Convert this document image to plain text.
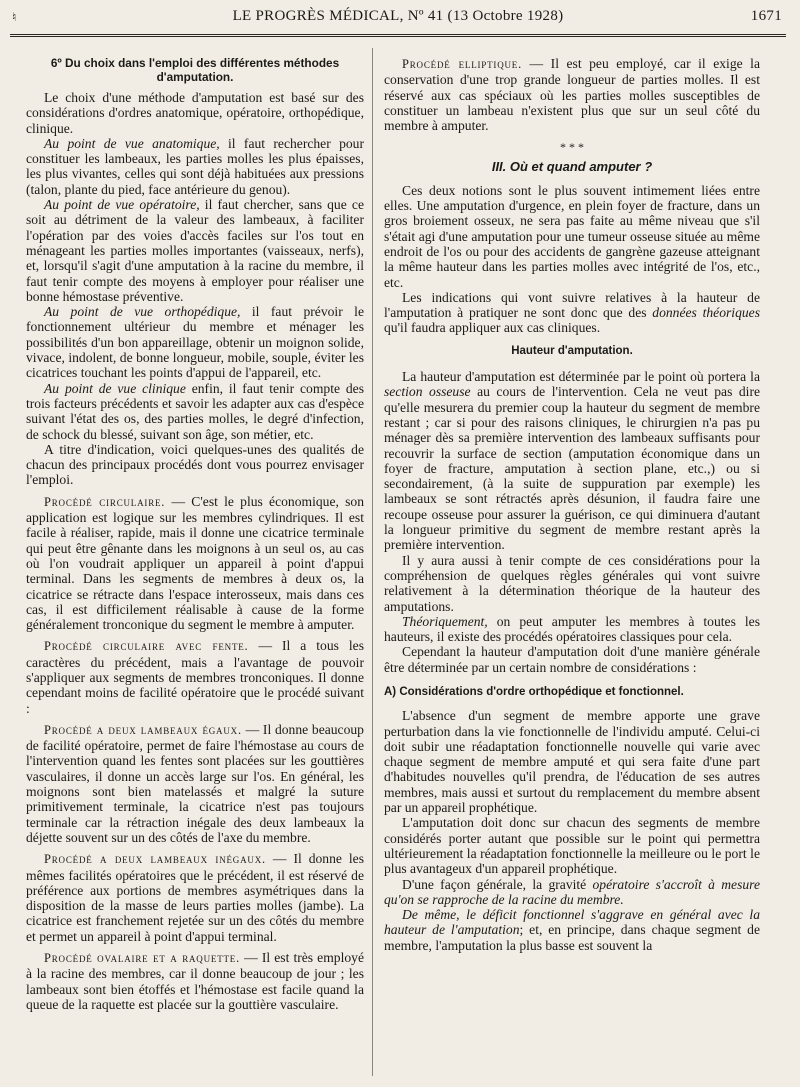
♮	LE PROGRÈS MÉDICAL, Nº 41 (13 Octobre 1928)	1671
6º Du choix dans l'emploi des différentes méthodes d'amputation.

Le choix d'une méthode d'amputation est basé sur des considérations d'ordres anatomique, opératoire, orthopédique, clinique.

Au point de vue anatomique, il faut rechercher pour constituer les lambeaux, les parties molles les plus épaisses, les plus vivantes, celles qui sont déjà habituées aux pressions (talon, plante du pied, face antérieure du genou).

Au point de vue opératoire, il faut chercher, sans que ce soit au détriment de la valeur des lambeaux, à faciliter l'opération par des voies d'accès faciles sur l'os tout en ménageant les parties molles importantes (vaisseaux, nerfs), et, lorsqu'il s'agit d'une amputation à la racine du membre, il faut tenir compte des moyens à employer pour réaliser une bonne hémostase préventive.

Au point de vue orthopédique, il faut prévoir le fonctionnement ultérieur du membre et ménager les possibilités d'un bon appareillage, obtenir un moignon solide, vivace, indolent, de bonne longueur, mobile, souple, éviter les cicatrices touchant les points d'appui de l'appareil, etc.

Au point de vue clinique enfin, il faut tenir compte des trois facteurs précédents et savoir les adapter aux cas d'espèce suivant l'état des os, des parties molles, le degré d'infection, de schock du blessé, suivant son âge, son métier, etc.

A titre d'indication, voici quelques-unes des qualités de chacun des principaux procédés dont vous pourrez envisager l'emploi.

Procédé circulaire. — C'est le plus économique, son application est logique sur les membres cylindriques. Il est facile à réaliser, rapide, mais il donne une cicatrice terminale qui peut être gênante dans les moignons à un seul os, au cas où l'on voudrait appliquer un appareil à point d'appui terminal. Dans les segments de membres à deux os, la cicatrice se rétracte dans l'espace interosseux, mais dans ces cas, il est difficilement réalisable à cause de la forme généralement tronconique du segment le membre à amputer.

Procédé circulaire avec fente. — Il a tous les caractères du précédent, mais a l'avantage de pouvoir s'appliquer aux segments de membres tronconiques. Il donne cependant moins de facilité opératoire que le procédé suivant :

Procédé a deux lambeaux égaux. — Il donne beaucoup de facilité opératoire, permet de faire l'hémostase au cours de l'intervention quand les fentes sont placées sur les gouttières vasculaires, il donne un accès large sur l'os. En général, les moignons sont bien matelassés et malgré la suture primitivement terminale, la cicatrice n'est pas toujours terminale car la rétraction inégale des deux lambeaux la déjette souvent sur un des côtés de l'axe du membre.

Procédé a deux lambeaux inégaux. — Il donne les mêmes facilités opératoires que le précédent, il est réservé de préférence aux portions de membres asymétriques dans la disposition de la masse de leurs parties molles (jambe). La cicatrice est franchement rejetée sur un des côtés du membre et permet un appareil à point d'appui terminal.

Procédé ovalaire et a raquette. — Il est très employé à la racine des membres, car il donne beaucoup de jour ; les lambeaux sont bien étoffés et l'hémostase est facile quand la queue de la raquette est placée sur la gouttière vasculaire.

Procédé elliptique. — Il est peu employé, car il exige la conservation d'une trop grande longueur de parties molles. Il est réservé aux cas spéciaux où les parties molles susceptibles de constituer un lambeau n'existent plus que sur un seul côté du membre à amputer.

* * *
III. Où et quand amputer ?

Ces deux notions sont le plus souvent intimement liées entre elles. Une amputation d'urgence, en plein foyer de fracture, dans un gros broiement osseux, ne sera pas faite au même niveau que s'il s'était agi d'une amputation pour une tumeur osseuse située au même endroit de l'os ou pour des accidents de gangrène gazeuse atteignant la même hauteur dans les parties molles avec intégrité de l'os, etc., etc.

Les indications qui vont suivre relatives à la hauteur de l'amputation à pratiquer ne sont donc que des données théoriques qu'il faudra appliquer aux cas cliniques.

Hauteur d'amputation.

La hauteur d'amputation est déterminée par le point où portera la section osseuse au cours de l'intervention. Cela ne veut pas dire qu'elle mesurera du premier coup la hauteur du segment de membre restant ; car si pour des raisons cliniques, le chirurgien n'a pas pu ménager dès sa première intervention des lambeaux suffisants pour recouvrir la surface de section (amputation économique dans un foyer de fracture, amputation à section plane, etc.,) ou si secondairement, (à la suite de suppuration par exemple) les lambeaux se sont rétractés après désunion, il faudra faire une recoupe osseuse pour assurer la guérison, ce qui diminuera d'autant la longueur primitive du segment de membre restant après la première intervention.

Il y aura aussi à tenir compte de ces considérations pour la compréhension de quelques règles générales qui vont suivre relativement à la détermination théorique de la hauteur des amputations.

Théoriquement, on peut amputer les membres à toutes les hauteurs, il existe des procédés opératoires classiques pour cela.

Cependant la hauteur d'amputation doit d'une manière générale être déterminée par un certain nombre de considérations :

A) Considérations d'ordre orthopédique et fonctionnel.

L'absence d'un segment de membre apporte une grave perturbation dans la vie fonctionnelle de l'individu amputé. Celui-ci doit subir une réadaptation fonctionnelle nouvelle qui varie avec chaque segment de membre amputé et qui sera faite d'une part d'habitudes nouvelles qu'il prendra, de l'éducation de ses autres membres, mais aussi et surtout du remplacement du membre absent par un appareil prophétique.

L'amputation doit donc sur chacun des segments de membre considérés porter autant que possible sur le point qui permettra ultérieurement la réadaptation fonctionnelle la meilleure ou le port le plus avantageux d'un appareil prophétique.

D'une façon générale, la gravité opératoire s'accroît à mesure qu'on se rapproche de la racine du membre.

De même, le déficit fonctionnel s'aggrave en général avec la hauteur de l'amputation; et, en principe, dans chaque segment de membre, l'amputation la plus basse est souvent la
